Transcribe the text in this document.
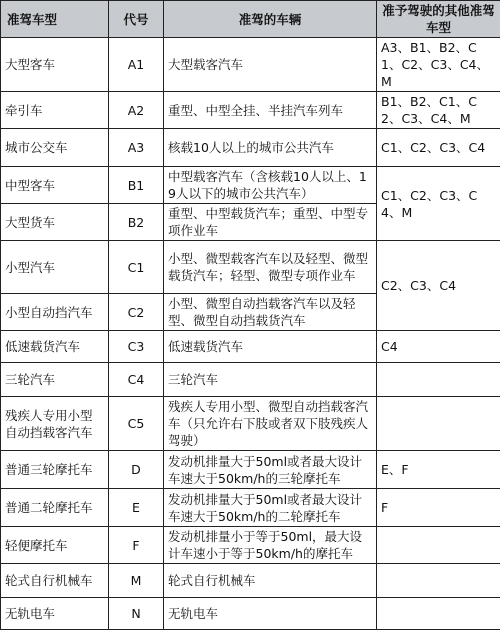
准驾车型	代号	准驾的车辆	准予驾驶的其他准驾车型
大型客车	A1	大型载客汽车	A3、B1、B2、C1、C2、C3、C4、M
牵引车	A2	重型、中型全挂、半挂汽车列车	B1、B2、C1、C2、C3、C4、M
城市公交车	A3	核载10人以上的城市公共汽车	C1、C2、C3、C4
中型客车	B1	中型载客汽车（含核载10人以上、19人以下的城市公共汽车）	C1、C2、C3、C4、M
大型货车	B2	重型、中型载货汽车；重型、中型专项作业车	
小型汽车	C1	小型、微型载客汽车以及轻型、微型载货汽车；轻型、微型专项作业车	C2、C3、C4
小型自动挡汽车	C2	小型、微型自动挡载客汽车以及轻型、微型自动挡载货汽车	
低速载货汽车	C3	低速载货汽车	C4
三轮汽车	C4	三轮汽车	
残疾人专用小型自动挡载客汽车	C5	残疾人专用小型、微型自动挡载客汽车（只允许右下肢或者双下肢残疾人驾驶）	
普通三轮摩托车	D	发动机排量大于50ml或者最大设计车速大于50km/h的三轮摩托车	E、F
普通二轮摩托车	E	发动机排量大于50ml或者最大设计车速大于50km/h的二轮摩托车	F
轻便摩托车	F	发动机排量小于等于50ml，最大设计车速小于等于50km/h的摩托车	
轮式自行机械车	M	轮式自行机械车	
无轨电车	N	无轨电车	
